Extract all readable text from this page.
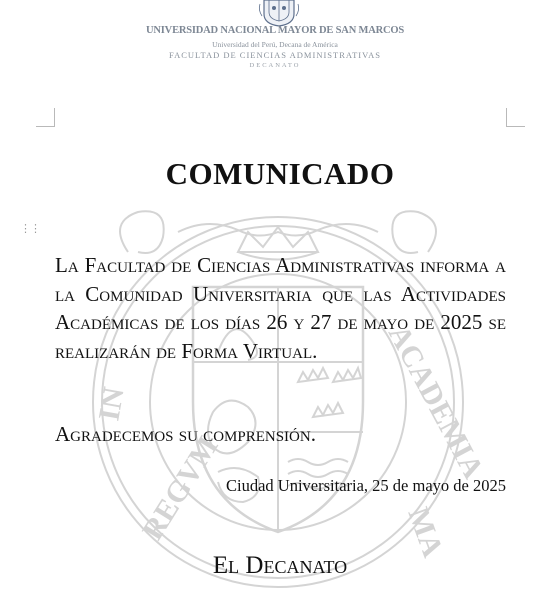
UNIVERSIDAD NACIONAL MAYOR DE SAN MARCOS
Universidad del Perú, Decana de América
FACULTAD DE CIENCIAS ADMINISTRATIVAS
DECANATO
REGVM
ACADEMIA
IN
MA
⋮⋮
COMUNICADO
La Facultad de Ciencias Administrativas informa a la Comunidad Universitaria que las Actividades Académicas de los días 26 y 27 de mayo de 2025 se realizarán de Forma Virtual.
Agradecemos su comprensión.
Ciudad Universitaria, 25 de mayo de 2025
El Decanato
